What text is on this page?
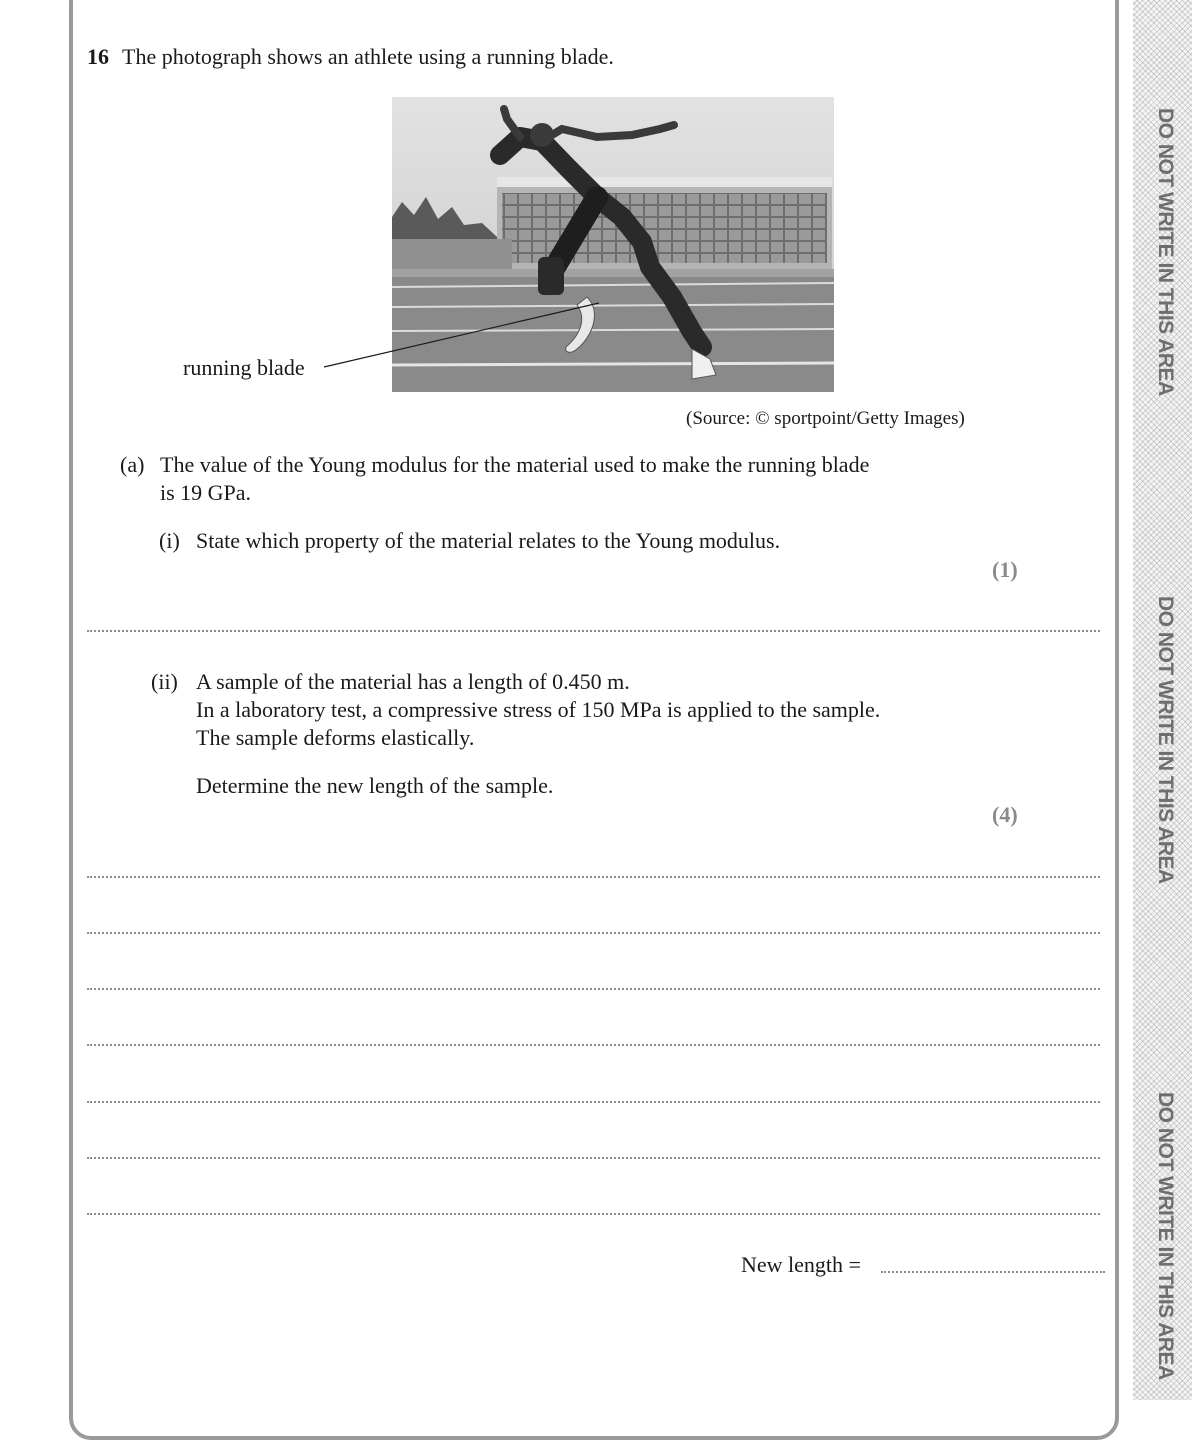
DO NOT WRITE IN THIS AREA
DO NOT WRITE IN THIS AREA
DO NOT WRITE IN THIS AREA
16 The photograph shows an athlete using a running blade.
running blade
(Source: © sportpoint/Getty Images)
(a) The value of the Young modulus for the material used to make the running blade
is 19 GPa.
(i) State which property of the material relates to the Young modulus.
(1)
(ii) A sample of the material has a length of 0.450 m.
In a laboratory test, a compressive stress of 150 MPa is applied to the sample.
The sample deforms elastically.
Determine the new length of the sample.
(4)
New length =
